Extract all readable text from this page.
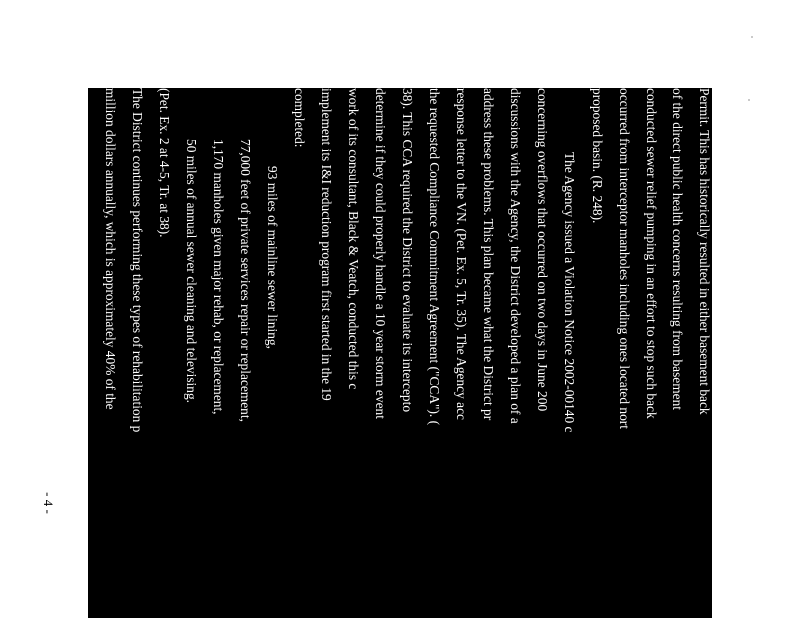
- 4 -
Permit. This has historically resulted in either basement back
of the direct public health concerns resulting from basement
conducted sewer relief pumping in an effort to stop such back
occurred from interceptor manholes including ones located nort
proposed basin. (R. 248).
The Agency issued a Violation Notice 2002-00140 c
concerning overflows that occurred on two days in June 200
discussions with the Agency, the District developed a plan of a
address these problems. This plan became what the District pr
response letter to the VN. (Pet. Ex. 5, Tr. 35). The Agency acc
the requested Compliance Commitment Agreement ("CCA"). (
38). This CCA required the District to evaluate its intercepto
determine if they could properly handle a 10 year storm event
work of its consultant, Black & Veatch, conducted this c
implement its I&I reduction program first started in the 19
completed:
93 miles of mainline sewer lining,
77,000 feet of private services repair or replacement,
1,170 manholes given major rehab, or replacement,
50 miles of annual sewer cleaning and televising.
(Pet. Ex. 2 at 4-5, Tr. at 38).
The District continues performing these types of rehabilitation p
million dollars annually, which is approximately 40% of the
